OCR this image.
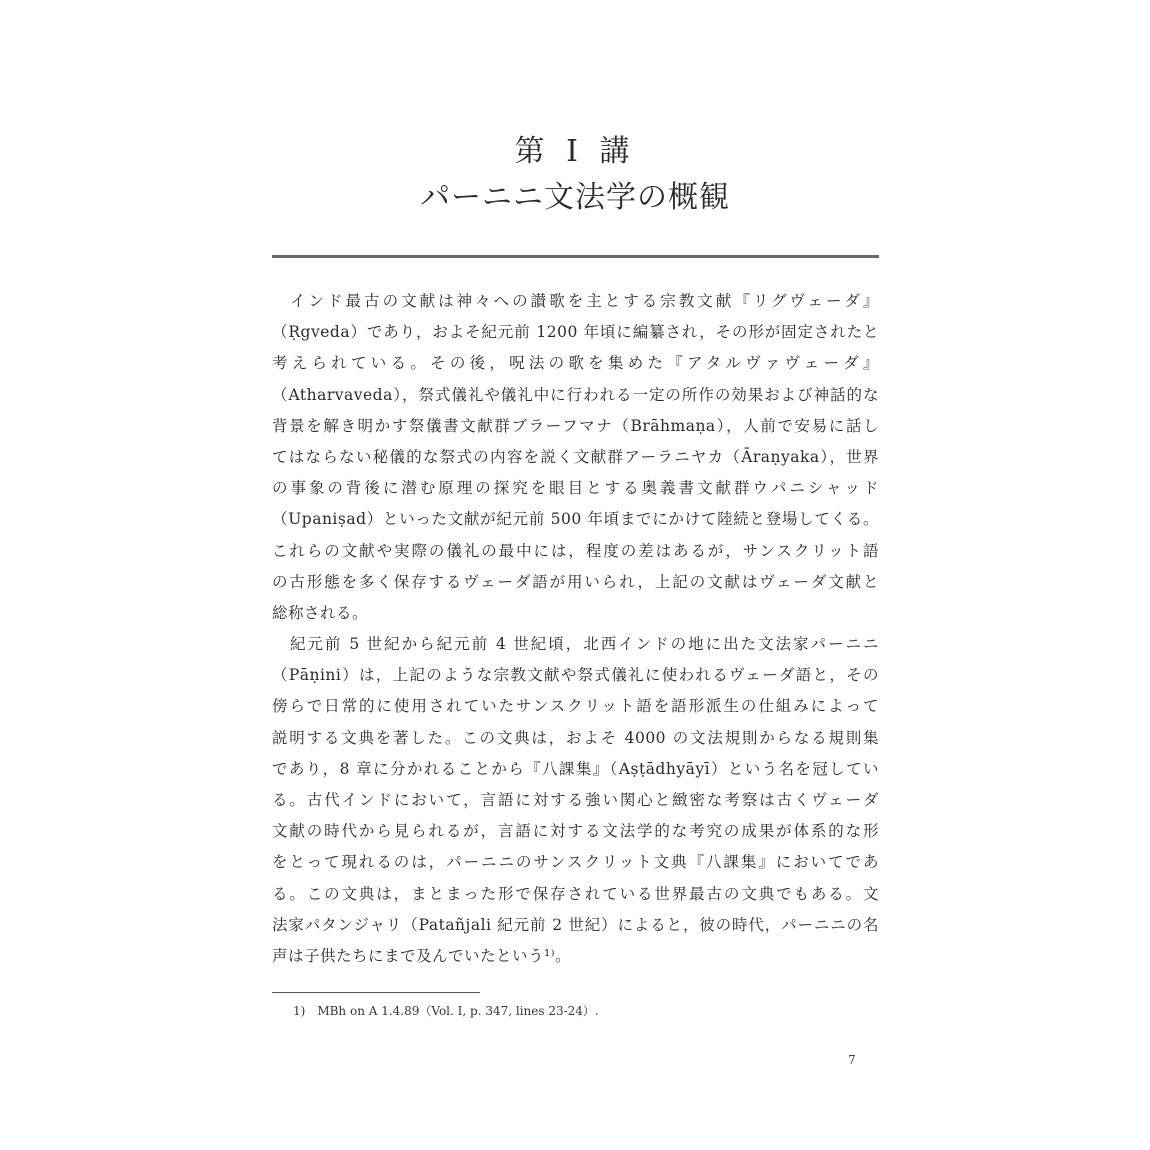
第 Ⅰ 講
パーニニ文法学の概観
インド最古の文献は神々への讃歌を主とする宗教文献『リグヴェーダ』
（Ṛgveda）であり，およそ紀元前 1200 年頃に編纂され，その形が固定されたと
考えられている。その後，呪法の歌を集めた『アタルヴァヴェーダ』
（Atharvaveda），祭式儀礼や儀礼中に行われる一定の所作の効果および神話的な
背景を解き明かす祭儀書文献群ブラーフマナ（Brāhmaṇa），人前で安易に話し
てはならない秘儀的な祭式の内容を説く文献群アーラニヤカ（Āraṇyaka），世界
の事象の背後に潜む原理の探究を眼目とする奥義書文献群ウパニシャッド
（Upaniṣad）といった文献が紀元前 500 年頃までにかけて陸続と登場してくる。
これらの文献や実際の儀礼の最中には，程度の差はあるが，サンスクリット語
の古形態を多く保存するヴェーダ語が用いられ，上記の文献はヴェーダ文献と
総称される。
紀元前 5 世紀から紀元前 4 世紀頃，北西インドの地に出た文法家パーニニ
（Pāṇini）は，上記のような宗教文献や祭式儀礼に使われるヴェーダ語と，その
傍らで日常的に使用されていたサンスクリット語を語形派生の仕組みによって
説明する文典を著した。この文典は，およそ 4000 の文法規則からなる規則集
であり，8 章に分かれることから『八課集』（Aṣṭādhyāyī）という名を冠してい
る。古代インドにおいて，言語に対する強い関心と緻密な考察は古くヴェーダ
文献の時代から見られるが，言語に対する文法学的な考究の成果が体系的な形
をとって現れるのは，パーニニのサンスクリット文典『八課集』においてであ
る。この文典は，まとまった形で保存されている世界最古の文典でもある。文
法家パタンジャリ（Patañjali 紀元前 2 世紀）によると，彼の時代，パーニニの名
声は子供たちにまで及んでいたという¹⁾。
1)　MBh on A 1.4.89（Vol. I, p. 347, lines 23-24）.
7
